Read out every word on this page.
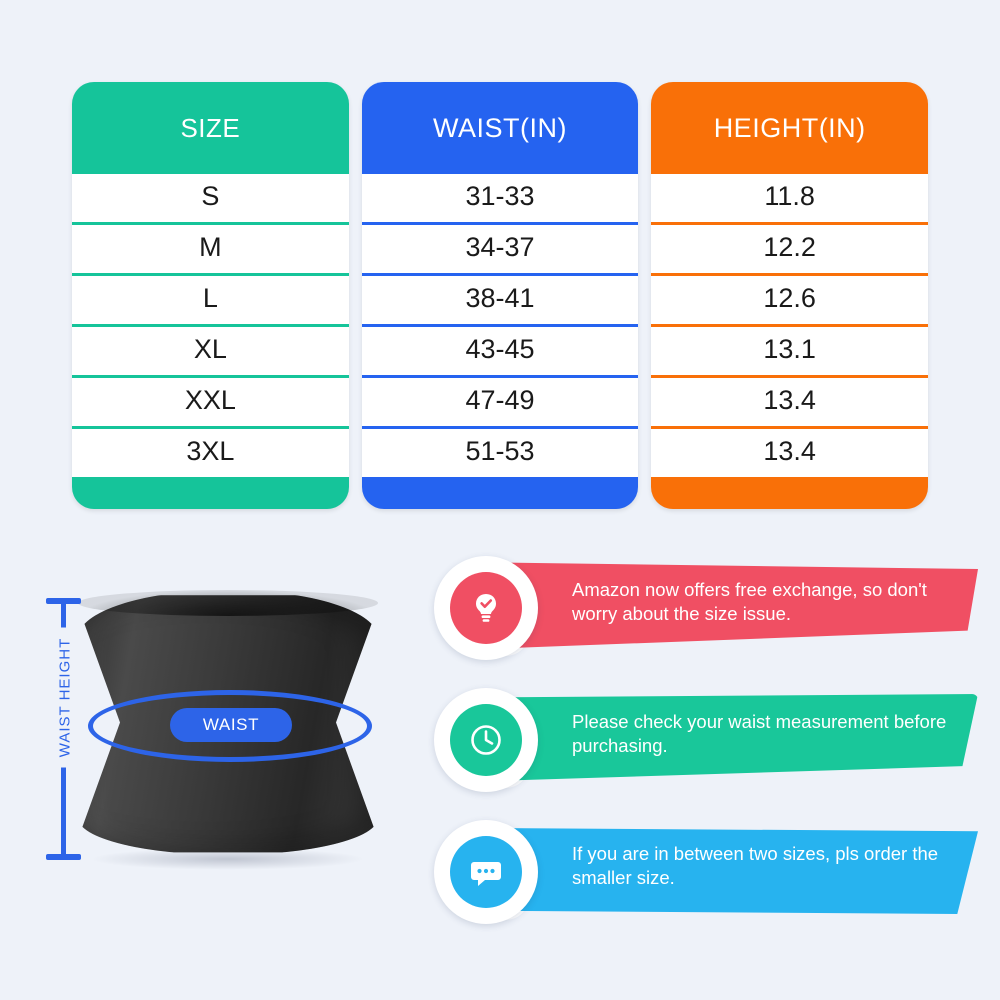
SIZE
S
M
L
XL
XXL
3XL
WAIST(IN)
31-33
34-37
38-41
43-45
47-49
51-53
HEIGHT(IN)
11.8
12.2
12.6
13.1
13.4
13.4
WAIST
WAIST HEIGHT
Amazon now offers free exchange, so don't worry about the size issue.
Please check your waist measurement before purchasing.
If you are in between two sizes, pls order the smaller size.
